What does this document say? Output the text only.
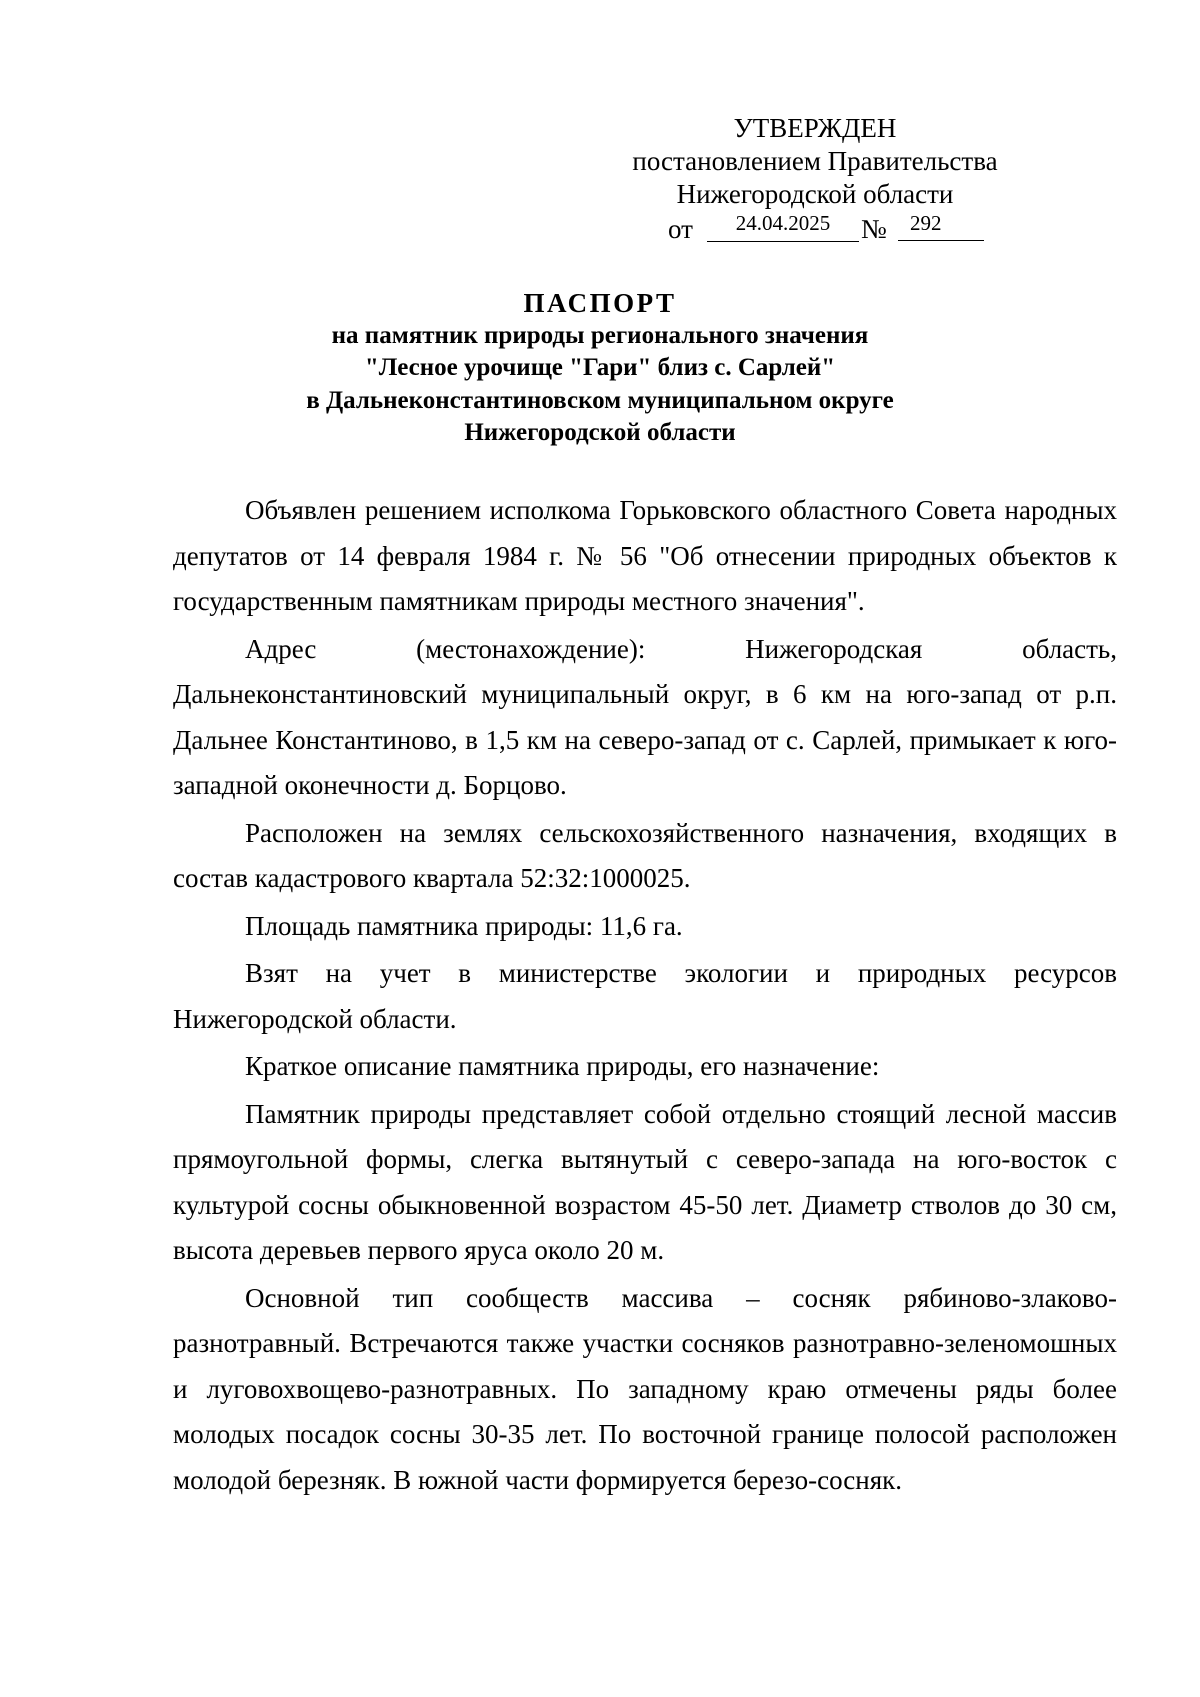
УТВЕРЖДЕН
постановлением Правительства
Нижегородской области
от	24.04.2025	№	292
ПАСПОРТ
на памятник природы регионального значения
"Лесное урочище "Гари" близ с. Сарлей"
в Дальнеконстантиновском муниципальном округе
Нижегородской области

Объявлен решением исполкома Горьковского областного Совета народных депутатов от 14 февраля 1984 г. № 56 "Об отнесении природных объектов к государственным памятникам природы местного значения".

Адрес (местонахождение): Нижегородская область, Дальнеконстантиновский муниципальный округ, в 6 км на юго-запад от р.п. Дальнее Константиново, в 1,5 км на северо-запад от с. Сарлей, примыкает к юго-западной оконечности д. Борцово.

Расположен на землях сельскохозяйственного назначения, входящих в состав кадастрового квартала 52:32:1000025.

Площадь памятника природы: 11,6 га.

Взят на учет в министерстве экологии и природных ресурсов Нижегородской области.

Краткое описание памятника природы, его назначение:

Памятник природы представляет собой отдельно стоящий лесной массив прямоугольной формы, слегка вытянутый с северо-запада на юго-восток с культурой сосны обыкновенной возрастом 45-50 лет. Диаметр стволов до 30 см, высота деревьев первого яруса около 20 м.

Основной тип сообществ массива – сосняк рябиново-злаково-разнотравный. Встречаются также участки сосняков разнотравно-зеленомошных и луговохвощево-разнотравных. По западному краю отмечены ряды более молодых посадок сосны 30-35 лет. По восточной границе полосой расположен молодой березняк. В южной части формируется березо-сосняк.
